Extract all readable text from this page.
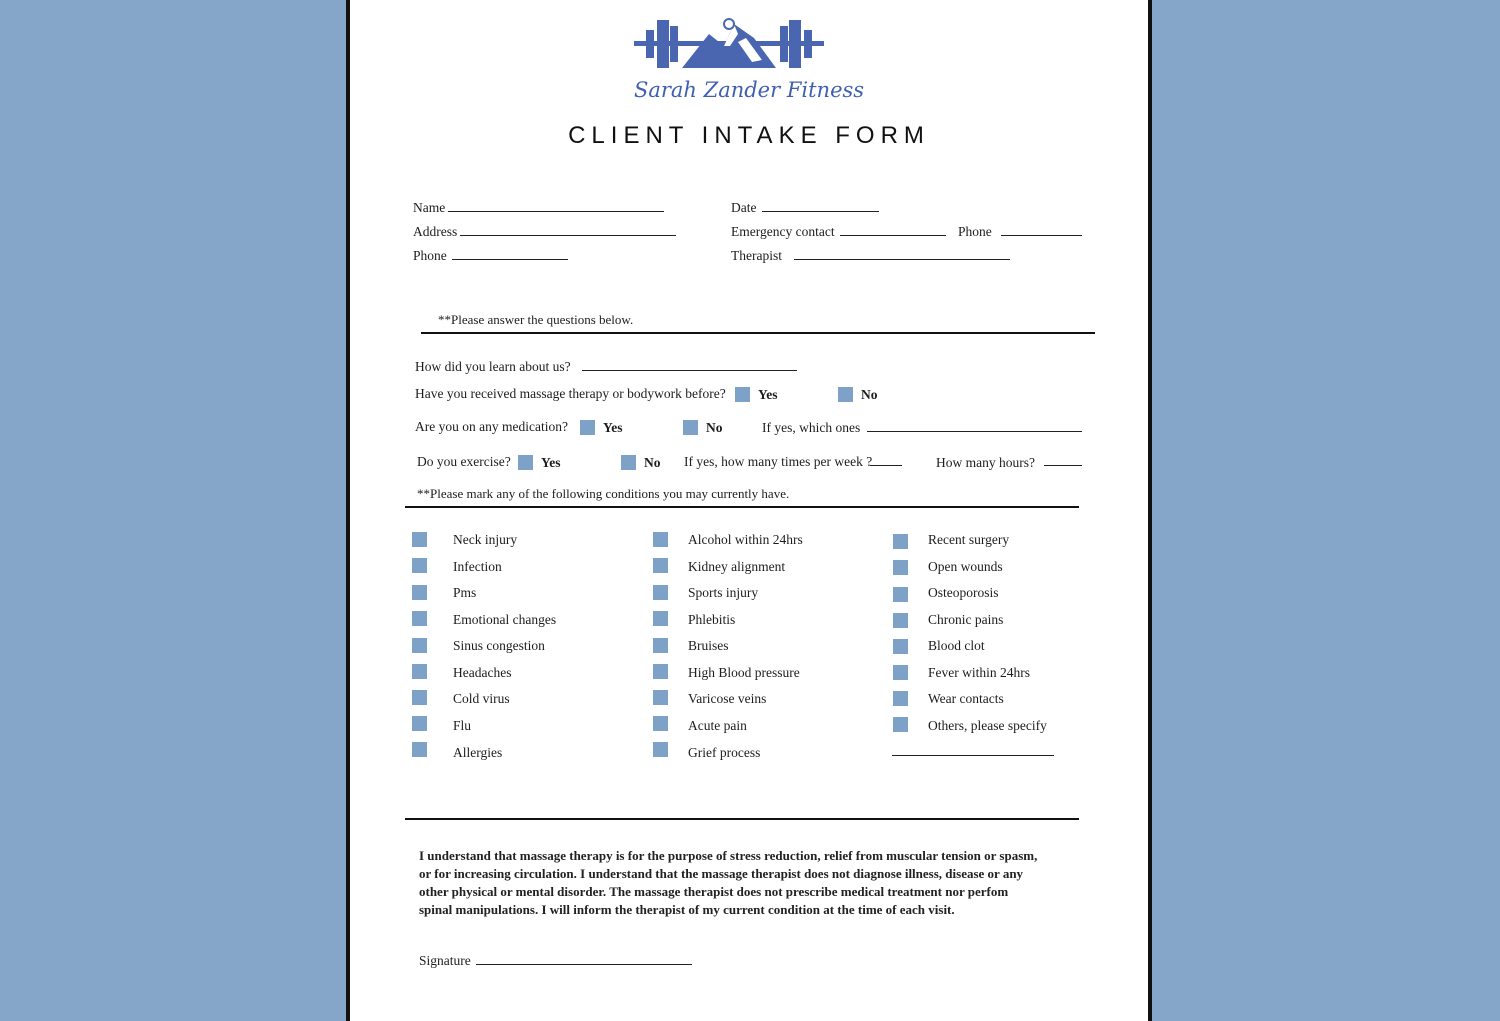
Sarah Zander Fitness
CLIENT INTAKE FORM
Name	Date
Address	Emergency contact	Phone
Phone	Therapist
**Please answer the questions below.
How did you learn about us?
Have you received massage therapy or bodywork before? Yes	No
Are you on any medication?	Yes	No	If yes, which ones
Do you exercise? Yes	No If yes, how many times per week ?	How many hours?
**Please mark any of the following conditions you may currently have.
Neck injury
Infection
Pms
Emotional changes
Sinus congestion
Headaches
Cold virus
Flu
Allergies
Alcohol within 24hrs
Kidney alignment
Sports injury
Phlebitis
Bruises
High Blood pressure
Varicose veins
Acute pain
Grief process
Recent surgery
Open wounds
Osteoporosis
Chronic pains
Blood clot
Fever within 24hrs
Wear contacts
Others, please specify
I understand that massage therapy is for the purpose of stress reduction, relief from muscular tension or spasm, or for increasing circulation. I understand that the massage therapist does not diagnose illness, disease or any other physical or mental disorder. The massage therapist does not prescribe medical treatment nor perfom spinal manipulations. I will inform the therapist of my current condition at the time of each visit.
Signature
